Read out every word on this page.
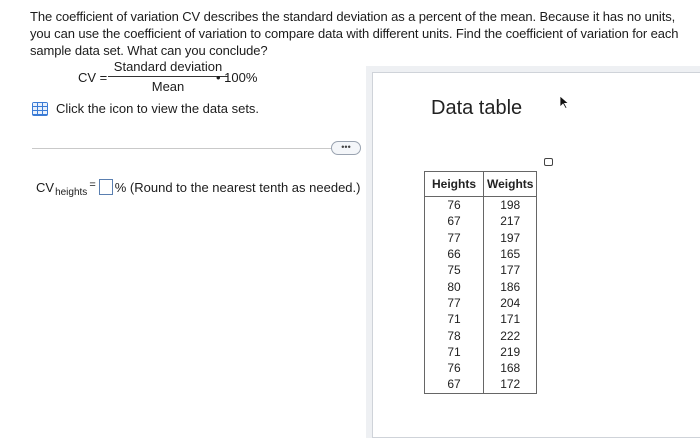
The coefficient of variation CV describes the standard deviation as a percent of the mean. Because it has no units, you can use the coefficient of variation to compare data with different units. Find the coefficient of variation for each sample data set. What can you conclude?
CV =
Standard deviation
Mean
• 100%
Click the icon to view the data sets.
•••
CV heights
= % (Round to the nearest tenth as needed.)
Data table
Heights	Weights
76	198
67	217
77	197
66	165
75	177
80	186
77	204
71	171
78	222
71	219
76	168
67	172
